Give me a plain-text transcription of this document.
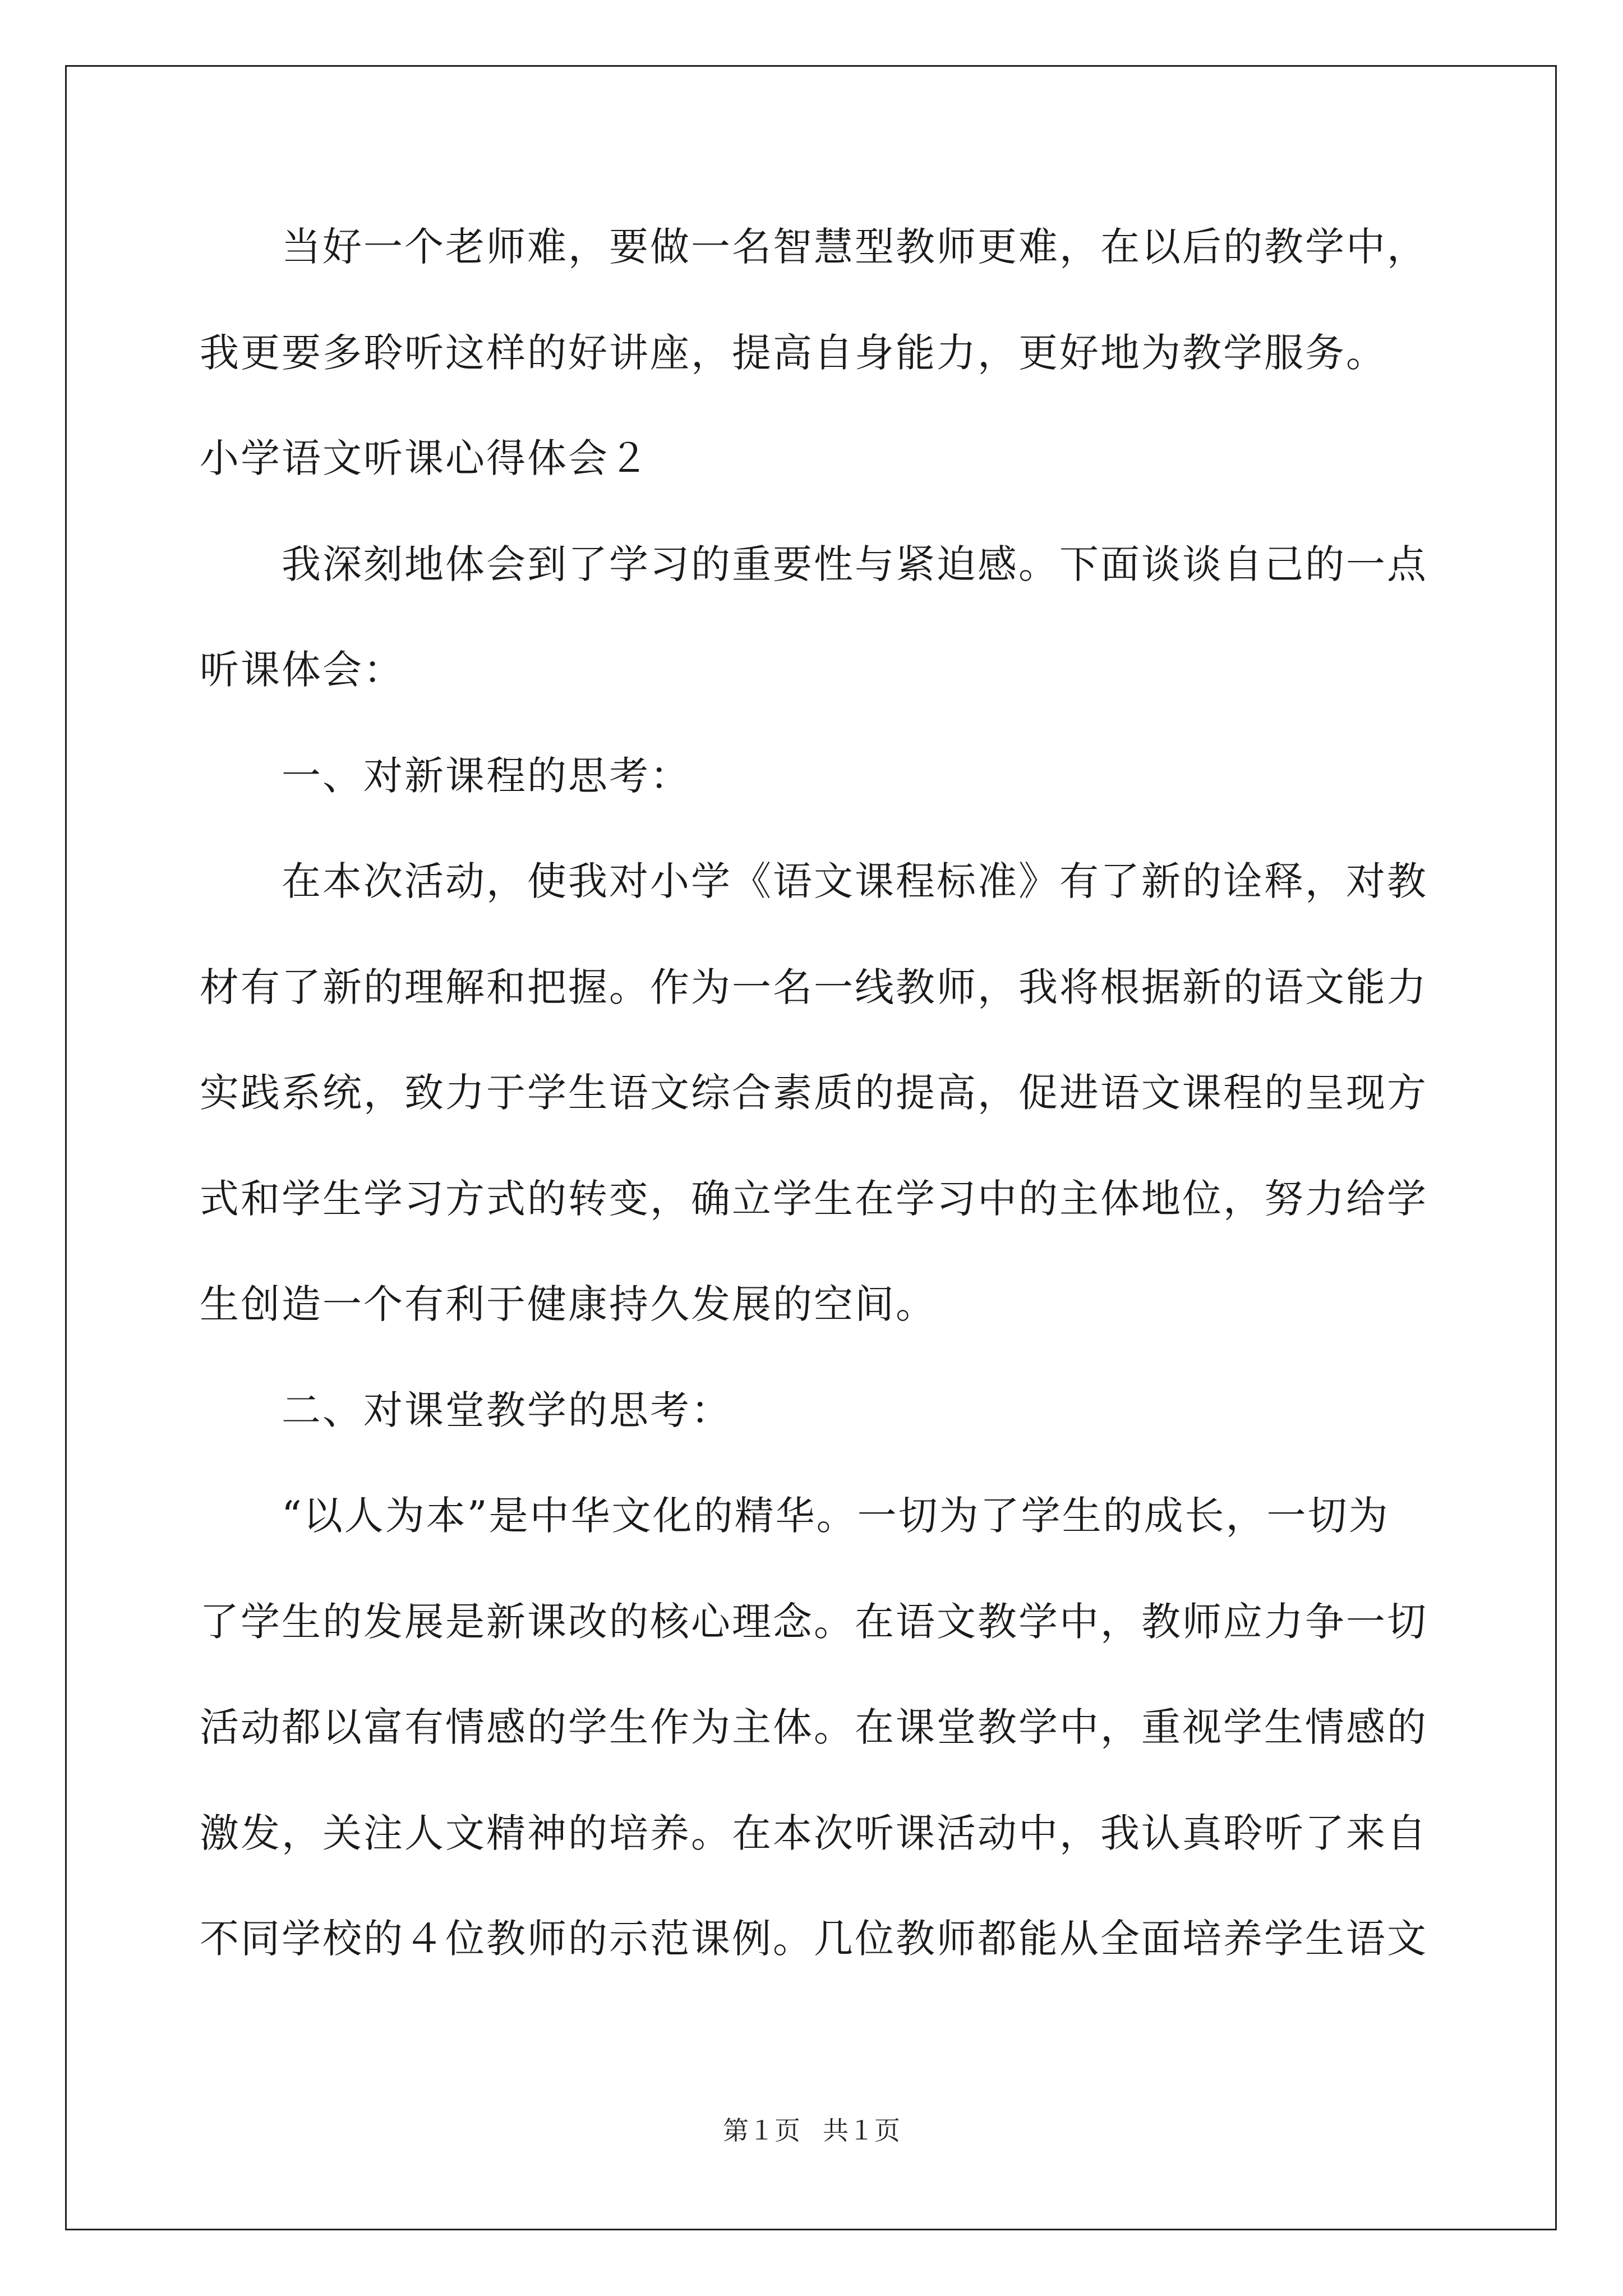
当好一个老师难，要做一名智慧型教师更难，在以后的教学中，
我更要多聆听这样的好讲座，提高自身能力，更好地为教学服务。
小学语文听课心得体会２
我深刻地体会到了学习的重要性与紧迫感。下面谈谈自己的一点
听课体会：
一、对新课程的思考：
在本次活动，使我对小学《语文课程标准》有了新的诠释，对教
材有了新的理解和把握。作为一名一线教师，我将根据新的语文能力
实践系统，致力于学生语文综合素质的提高，促进语文课程的呈现方
式和学生学习方式的转变，确立学生在学习中的主体地位，努力给学
生创造一个有利于健康持久发展的空间。
二、对课堂教学的思考：
“以人为本”是中华文化的精华。一切为了学生的成长，一切为
了学生的发展是新课改的核心理念。在语文教学中，教师应力争一切
活动都以富有情感的学生作为主体。在课堂教学中，重视学生情感的
激发，关注人文精神的培养。在本次听课活动中，我认真聆听了来自
不同学校的４位教师的示范课例。几位教师都能从全面培养学生语文
第１页 共１页
